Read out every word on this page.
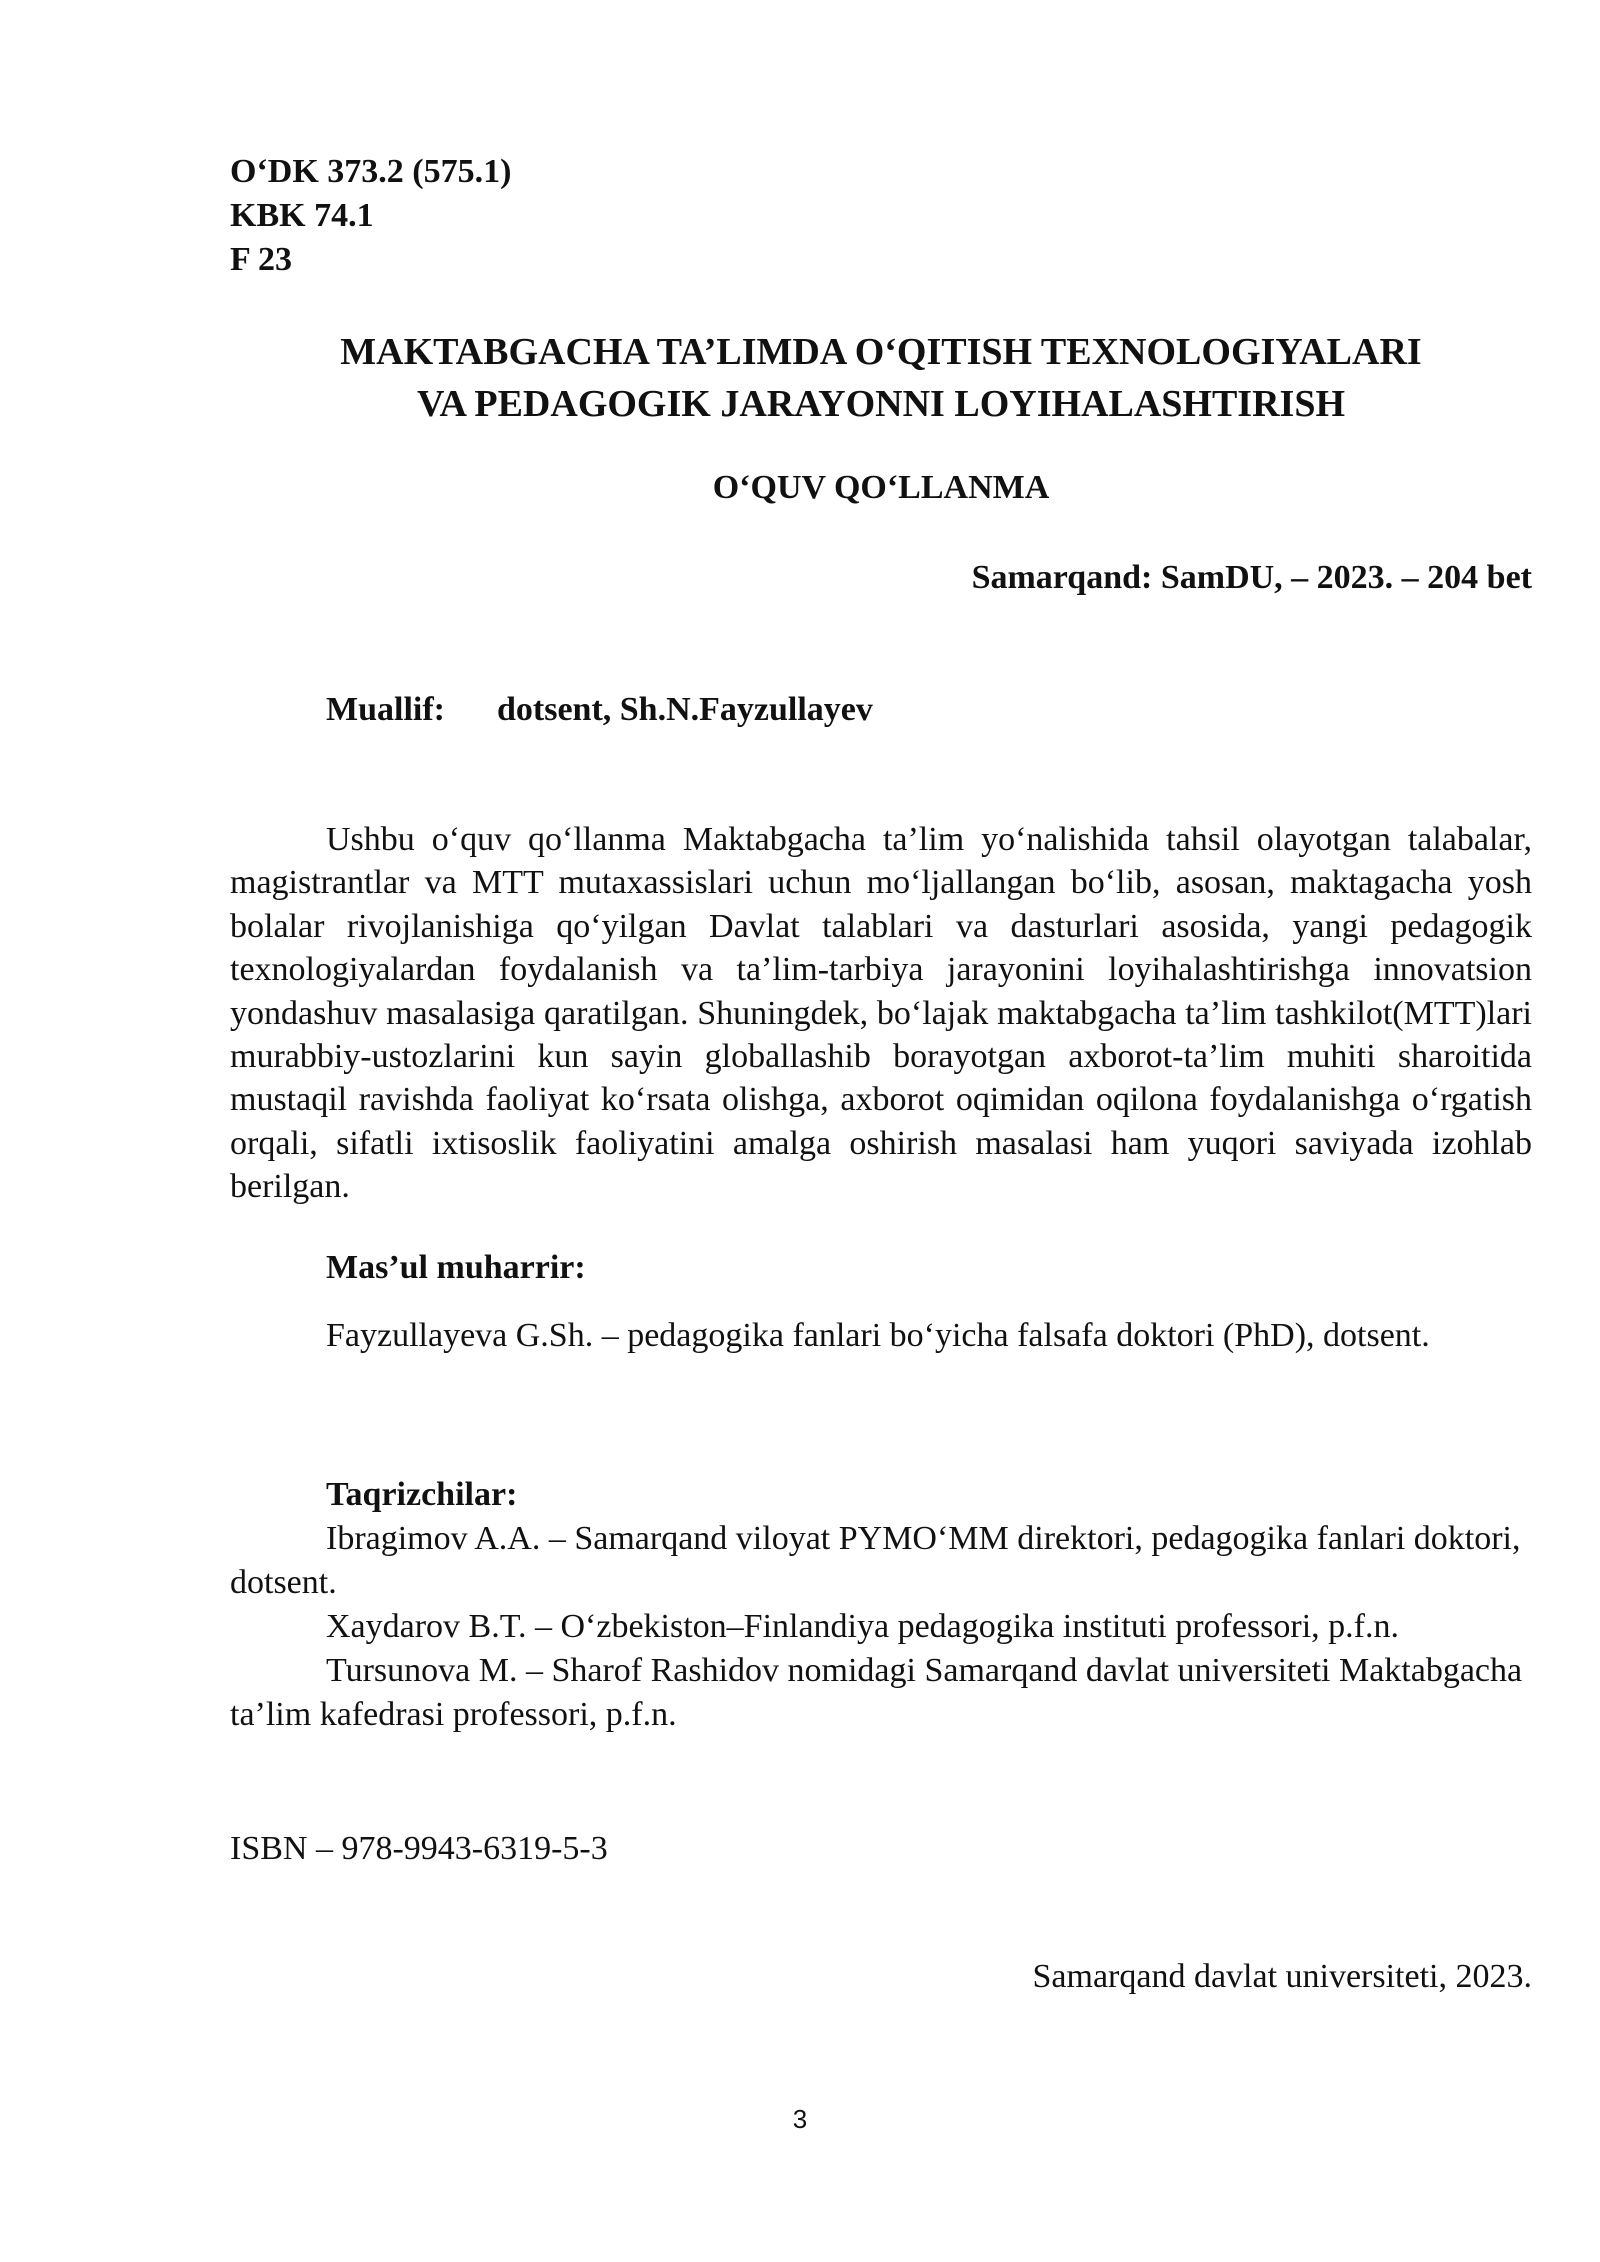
O‘DK 373.2 (575.1)
KBK 74.1
F 23
MAKTABGACHA TA’LIMDA O‘QITISH TEXNOLOGIYALARI
VA PEDAGOGIK JARAYONNI LOYIHALASHTIRISH
O‘QUV QO‘LLANMA
Samarqand: SamDU, – 2023. – 204 bet
Muallif: dotsent, Sh.N.Fayzullayev

Ushbu o‘quv qo‘llanma Maktabgacha ta’lim yo‘nalishida tahsil olayotgan talabalar, magistrantlar va MTT mutaxassislari uchun mo‘ljallangan bo‘lib, asosan, maktagacha yosh bolalar rivojlanishiga qo‘yilgan Davlat talablari va dasturlari asosida, yangi pedagogik texnologiyalardan foydalanish va ta’lim-tarbiya jarayonini loyihalashtirishga innovatsion yondashuv masalasiga qaratilgan. Shuningdek, bo‘lajak maktabgacha ta’lim tashkilot(MTT)lari murabbiy-ustozlarini kun sayin globallashib borayotgan axborot-ta’lim muhiti sharoitida mustaqil ravishda faoliyat ko‘rsata olishga, axborot oqimidan oqilona foydalanishga o‘rgatish orqali, sifatli ixtisoslik faoliyatini amalga oshirish masalasi ham yuqori saviyada izohlab berilgan.

Mas’ul muharrir:

Fayzullayeva G.Sh. – pedagogika fanlari bo‘yicha falsafa doktori (PhD), dotsent.

Taqrizchilar:

Ibragimov A.A. – Samarqand viloyat PYMO‘MM direktori, pedagogika fanlari doktori, dotsent.

Xaydarov B.T. – O‘zbekiston–Finlandiya pedagogika instituti professori, p.f.n.

Tursunova M. – Sharof Rashidov nomidagi Samarqand davlat universiteti Maktabgacha ta’lim kafedrasi professori, p.f.n.

ISBN – 978-9943-6319-5-3
Samarqand davlat universiteti, 2023.
3
